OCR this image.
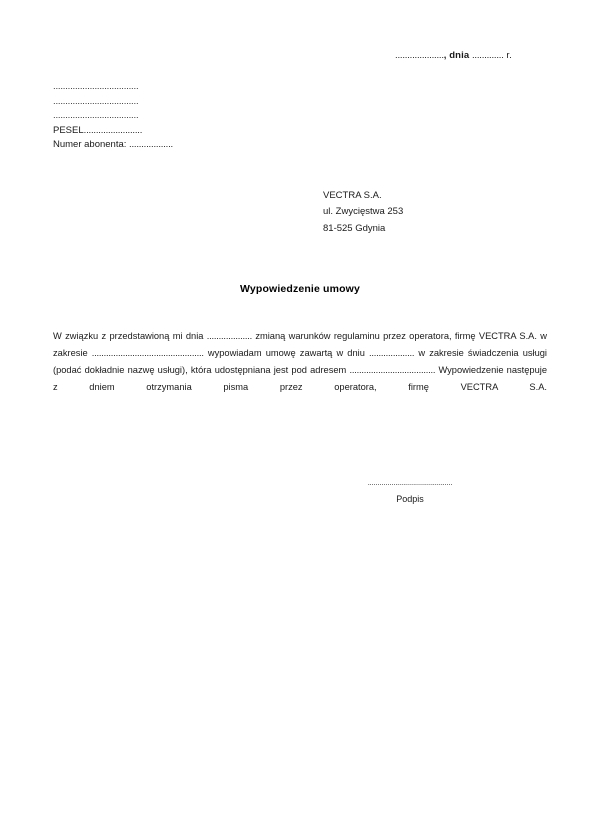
...................., dnia ............. r.
...................................
...................................
...................................
PESEL........................
Numer abonenta: ..................
VECTRA S.A.
ul. Zwycięstwa 253
81-525 Gdynia
Wypowiedzenie umowy

W związku z przedstawioną mi dnia ................... zmianą warunków regulaminu przez operatora, firmę VECTRA S.A. w zakresie ............................................... wypowiadam umowę zawartą w dniu ................... w zakresie świadczenia usługi (podać dokładnie nazwę usługi), która udostępniana jest pod adresem .................................... Wypowiedzenie następuje z dniem otrzymania pisma przez operatora, firmę VECTRA S.A.

...........................................
Podpis
